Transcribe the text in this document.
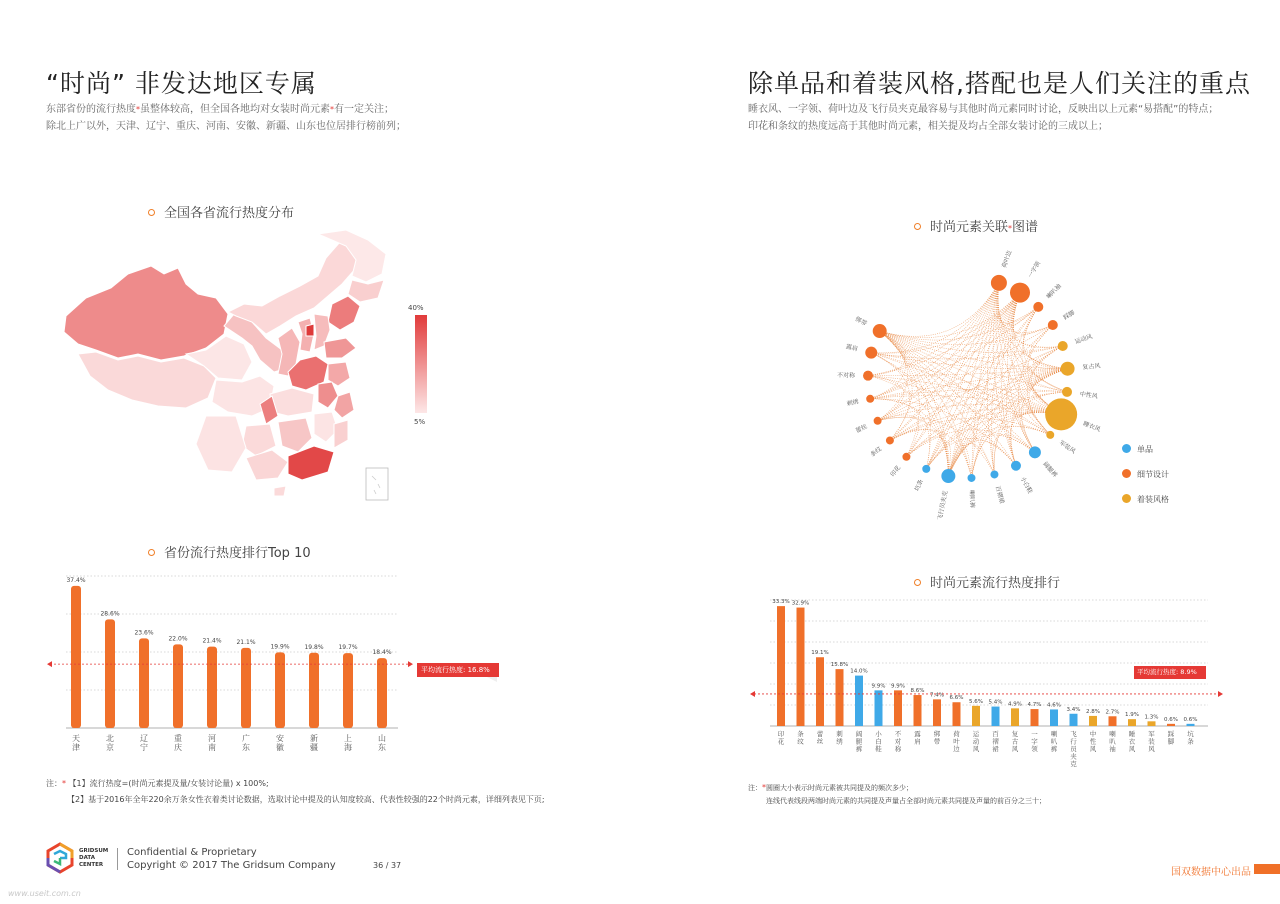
“时尚” 非发达地区专属
东部省份的流行热度*虽整体较高，但全国各地均对女装时尚元素*有一定关注；
除北上广以外，天津、辽宁、重庆、河南、安徽、新疆、山东也位居排行榜前列；
全国各省流行热度分布
40%
5%
省份流行热度排行Top 10
37.4%
天津
28.6%
北京
23.6%
辽宁
22.0%
重庆
21.4%
河南
21.1%
广东
19.9%
安徽
19.8%
新疆
19.7%
上海
18.4%
山东
平均流行热度: 16.8%
注：* 【1】流行热度=(时尚元素提及量/女装讨论量) x 100%;
【2】基于2016年全年220余万条女性衣着类讨论数据，选取讨论中提及的认知度较高、代表性较强的22个时尚元素，详细列表见下页;
除单品和着装风格,搭配也是人们关注的重点
睡衣风、一字领、荷叶边及飞行员夹克最容易与其他时尚元素同时讨论，反映出以上元素“易搭配”的特点；
印花和条纹的热度远高于其他时尚元素，相关提及均占全部女装讨论的三成以上；
时尚元素关联*图谱
荷叶边
一字领
喇叭袖
踩脚
运动风
复古风
中性风
睡衣风
军装风
阔腿裤
小白鞋
百褶裙
喇叭裤
飞行员夹克
坑条
印花
条纹
蕾丝
刺绣
不对称
露肩
绑带
单品
细节设计
着装风格
时尚元素流行热度排行
33.3%
印花
32.9%
条纹
19.1%
蕾丝
15.8%
刺绣
14.0%
阔腿裤
9.9%
小白鞋
9.9%
不对称
8.6%
露肩
7.4%
绑带
6.6%
荷叶边
5.6%
运动风
5.4%
百褶裙
4.9%
复古风
4.7%
一字领
4.6%
喇叭裤
3.4%
飞行员夹克
2.8%
中性风
2.7%
喇叭袖
1.9%
睡衣风
1.3%
军装风
0.6%
踩脚
0.6%
坑条
平均流行热度: 8.9%
注：*圆圈大小表示时尚元素被共同提及的频次多少；
连线代表线段两端时尚元素的共同提及声量占全部时尚元素共同提及声量的前百分之三十；
GRIDSUM
DATA
CENTER
Confidential & Proprietary
Copyright © 2017 The Gridsum Company	36 / 37
www.useit.com.cn
国双数据中心出品
